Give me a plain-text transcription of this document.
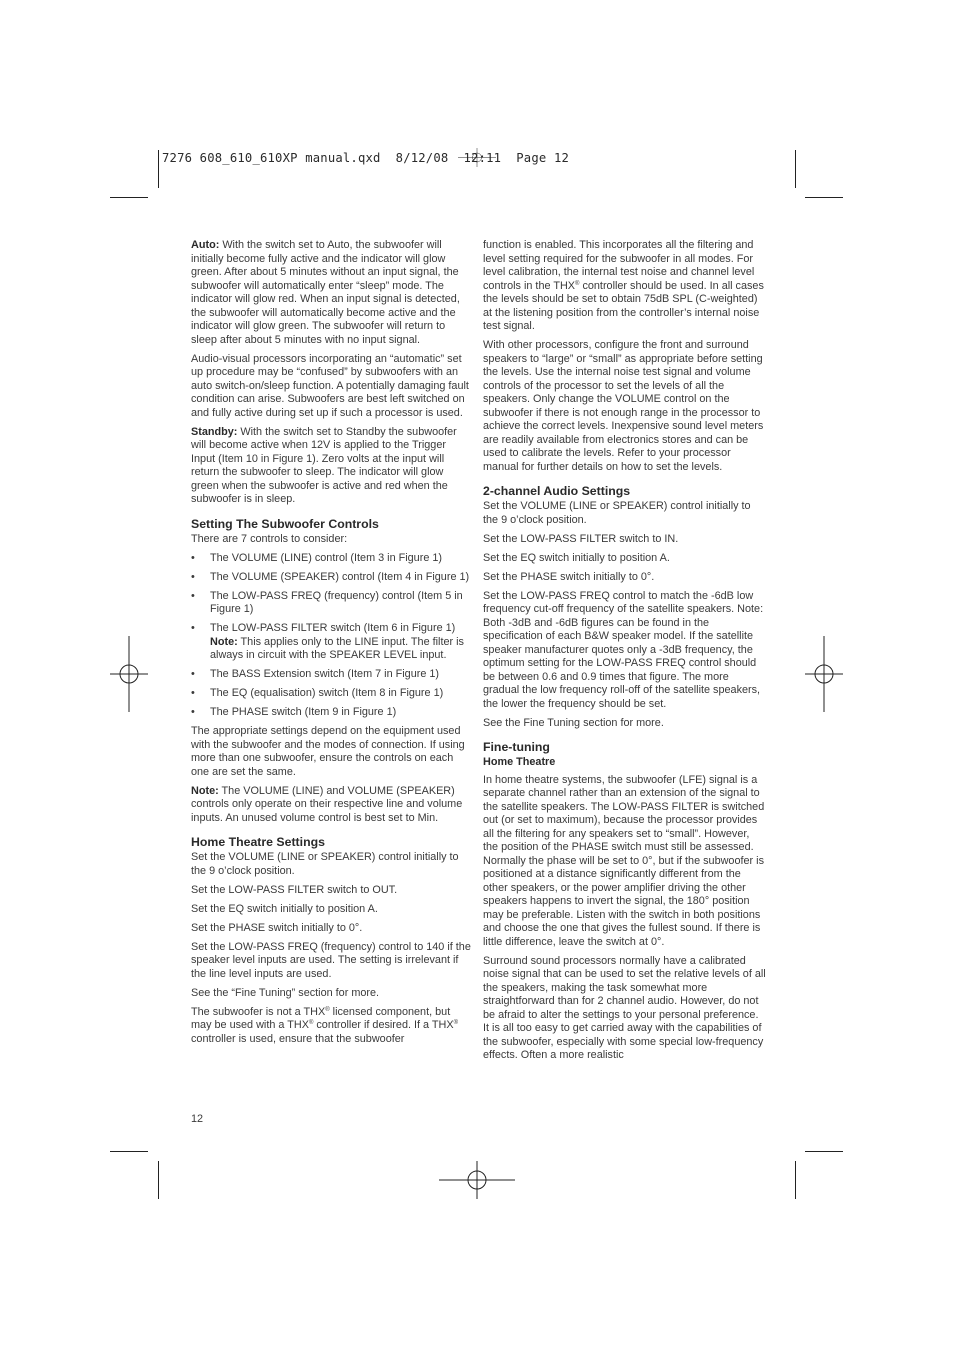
7276 608_610_610XP manual.qxd  8/12/08  12:11  Page 12

Auto: With the switch set to Auto, the subwoofer will initially become fully active and the indicator will glow green. After about 5 minutes without an input signal, the subwoofer will automatically enter “sleep” mode. The indicator will glow red. When an input signal is detected, the subwoofer will automatically become active and the indicator will glow green. The subwoofer will return to sleep after about 5 minutes with no input signal.

Audio-visual processors incorporating an “automatic” set up procedure may be “confused” by subwoofers with an auto switch-on/sleep function. A potentially damaging fault condition can arise. Subwoofers are best left switched on and fully active during set up if such a processor is used.

Standby: With the switch set to Standby the subwoofer will become active when 12V is applied to the Trigger Input (Item 10 in Figure 1). Zero volts at the input will return the subwoofer to sleep. The indicator will glow green when the subwoofer is active and red when the subwoofer is in sleep.

Setting The Subwoofer Controls

There are 7 controls to consider:

• The VOLUME (LINE) control (Item 3 in Figure 1)
• The VOLUME (SPEAKER) control (Item 4 in Figure 1)
• The LOW-PASS FREQ (frequency) control (Item 5 in Figure 1)
• The LOW-PASS FILTER switch (Item 6 in Figure 1)
Note: This applies only to the LINE input. The filter is always in circuit with the SPEAKER LEVEL input.
• The BASS Extension switch (Item 7 in Figure 1)
• The EQ (equalisation) switch (Item 8 in Figure 1)
• The PHASE switch (Item 9 in Figure 1)

The appropriate settings depend on the equipment used with the subwoofer and the modes of connection. If using more than one subwoofer, ensure the controls on each one are set the same.

Note: The VOLUME (LINE) and VOLUME (SPEAKER) controls only operate on their respective line and volume inputs. An unused volume control is best set to Min.

Home Theatre Settings

Set the VOLUME (LINE or SPEAKER) control initially to the 9 o’clock position.

Set the LOW-PASS FILTER switch to OUT.

Set the EQ switch initially to position A.

Set the PHASE switch initially to 0°.

Set the LOW-PASS FREQ (frequency) control to 140 if the speaker level inputs are used. The setting is irrelevant if the line level inputs are used.

See the “Fine Tuning” section for more.

The subwoofer is not a THX® licensed component, but may be used with a THX® controller if desired. If a THX® controller is used, ensure that the subwoofer

function is enabled. This incorporates all the filtering and level setting required for the subwoofer in all modes. For level calibration, the internal test noise and channel level controls in the THX® controller should be used. In all cases the levels should be set to obtain 75dB SPL (C-weighted) at the listening position from the controller’s internal noise test signal.

With other processors, configure the front and surround speakers to “large” or “small” as appropriate before setting the levels. Use the internal noise test signal and volume controls of the processor to set the levels of all the speakers. Only change the VOLUME control on the subwoofer if there is not enough range in the processor to achieve the correct levels. Inexpensive sound level meters are readily available from electronics stores and can be used to calibrate the levels. Refer to your processor manual for further details on how to set the levels.

2-channel Audio Settings

Set the VOLUME (LINE or SPEAKER) control initially to the 9 o’clock position.

Set the LOW-PASS FILTER switch to IN.

Set the EQ switch initially to position A.

Set the PHASE switch initially to 0°.

Set the LOW-PASS FREQ control to match the -6dB low frequency cut-off frequency of the satellite speakers. Note: Both -3dB and -6dB figures can be found in the specification of each B&W speaker model. If the satellite speaker manufacturer quotes only a -3dB frequency, the optimum setting for the LOW-PASS FREQ control should be between 0.6 and 0.9 times that figure. The more gradual the low frequency roll-off of the satellite speakers, the lower the frequency should be set.

See the Fine Tuning section for more.

Fine-tuning
Home Theatre

In home theatre systems, the subwoofer (LFE) signal is a separate channel rather than an extension of the signal to the satellite speakers. The LOW-PASS FILTER is switched out (or set to maximum), because the processor provides all the filtering for any speakers set to “small”. However, the position of the PHASE switch must still be assessed. Normally the phase will be set to 0°, but if the subwoofer is positioned at a distance significantly different from the other speakers, or the power amplifier driving the other speakers happens to invert the signal, the 180° position may be preferable. Listen with the switch in both positions and choose the one that gives the fullest sound. If there is little difference, leave the switch at 0°.

Surround sound processors normally have a calibrated noise signal that can be used to set the relative levels of all the speakers, making the task somewhat more straightforward than for 2 channel audio. However, do not be afraid to alter the settings to your personal preference. It is all too easy to get carried away with the capabilities of the subwoofer, especially with some special low-frequency effects. Often a more realistic

12
